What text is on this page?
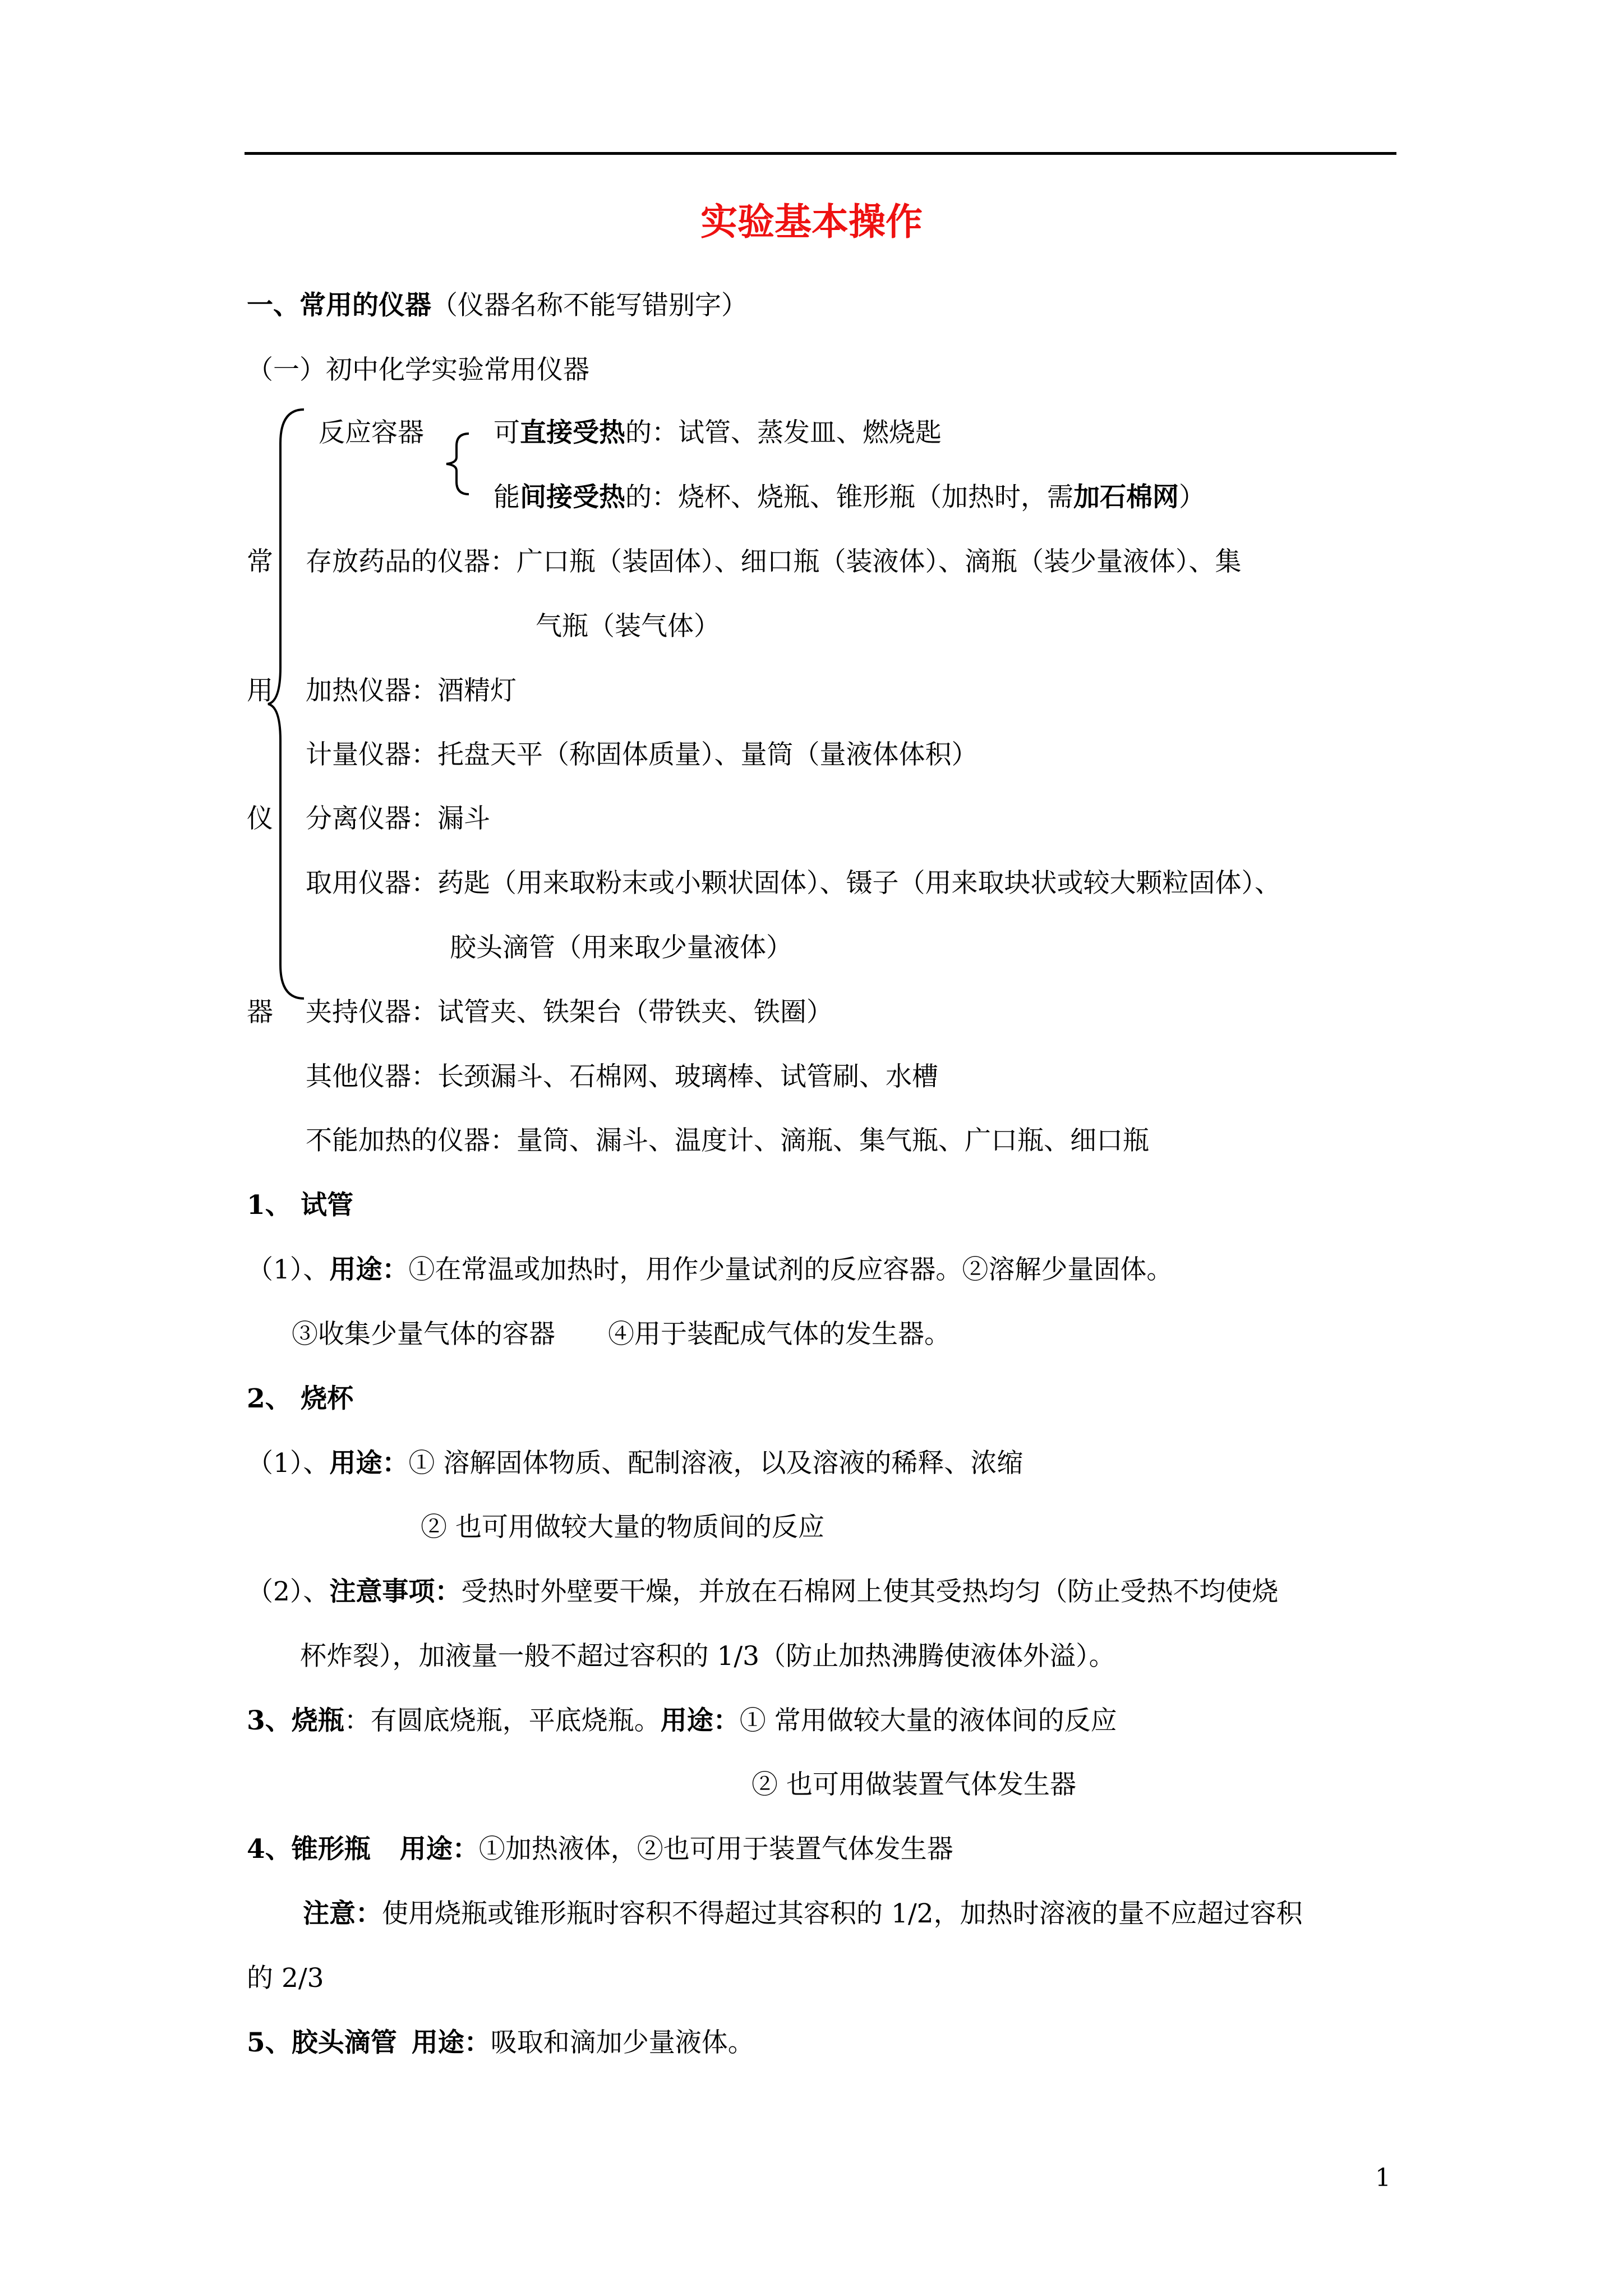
实验基本操作
一、常用的仪器（仪器名称不能写错别字）
（一）初中化学实验常用仪器
常
用
仪
器
反应容器	可直接受热的：试管、蒸发皿、燃烧匙
能间接受热的：烧杯、烧瓶、锥形瓶（加热时，需加石棉网）
存放药品的仪器：广口瓶（装固体）、细口瓶（装液体）、滴瓶（装少量液体）、集
气瓶（装气体）
加热仪器：酒精灯
计量仪器：托盘天平（称固体质量）、量筒（量液体体积）
分离仪器：漏斗
取用仪器：药匙（用来取粉末或小颗状固体）、镊子（用来取块状或较大颗粒固体）、
胶头滴管（用来取少量液体）
夹持仪器：试管夹、铁架台（带铁夹、铁圈）
其他仪器：长颈漏斗、石棉网、玻璃棒、试管刷、水槽
不能加热的仪器：量筒、漏斗、温度计、滴瓶、集气瓶、广口瓶、细口瓶
1、 试管
（1）、用途：①在常温或加热时，用作少量试剂的反应容器。②溶解少量固体。
③收集少量气体的容器　　④用于装配成气体的发生器。
2、 烧杯
（1）、用途：① 溶解固体物质、配制溶液，以及溶液的稀释、浓缩
② 也可用做较大量的物质间的反应
（2）、注意事项：受热时外壁要干燥，并放在石棉网上使其受热均匀（防止受热不均使烧
杯炸裂），加液量一般不超过容积的 1/3（防止加热沸腾使液体外溢）。
3、烧瓶：有圆底烧瓶，平底烧瓶。用途：① 常用做较大量的液体间的反应
② 也可用做装置气体发生器
4、锥形瓶 用途：①加热液体，②也可用于装置气体发生器
注意：使用烧瓶或锥形瓶时容积不得超过其容积的 1/2，加热时溶液的量不应超过容积
的 2/3
5、胶头滴管 用途：吸取和滴加少量液体。
1
